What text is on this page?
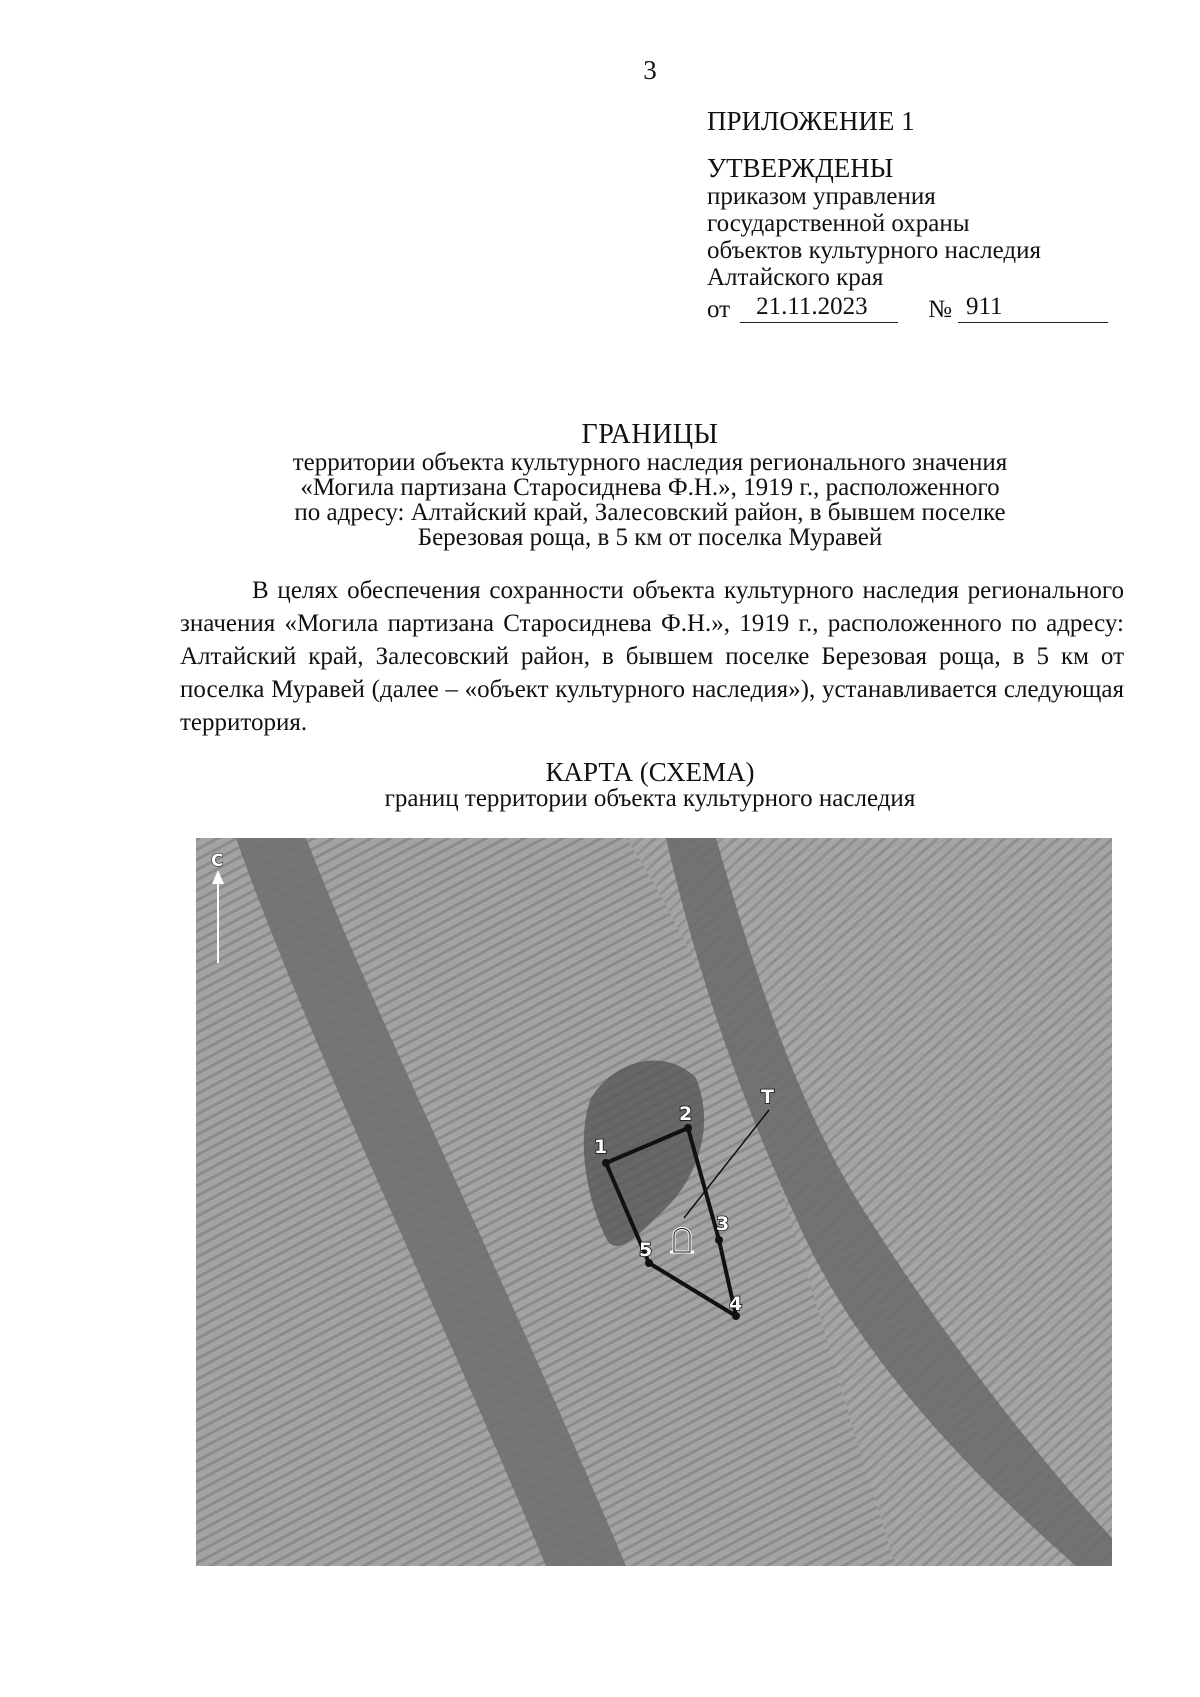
3
ПРИЛОЖЕНИЕ 1
УТВЕРЖДЕНЫ
приказом управления
государственной охраны
объектов культурного наследия
Алтайского края
от	21.11.2023	№ 911
ГРАНИЦЫ
территории объекта культурного наследия регионального значения
«Могила партизана Старосиднева Ф.Н.», 1919 г., расположенного
по адресу: Алтайский край, Залесовский район, в бывшем поселке
Березовая роща, в 5 км от поселка Муравей
В целях обеспечения сохранности объекта культурного наследия регионального значения «Могила партизана Старосиднева Ф.Н.», 1919 г., расположенного по адресу: Алтайский край, Залесовский район, в бывшем поселке Березовая роща, в 5 км от поселка Муравей (далее – «объект культурного наследия»), устанавливается следующая территория.
КАРТА (СХЕМА)
границ территории объекта культурного наследия
С
Т
1
2
3
4
5
